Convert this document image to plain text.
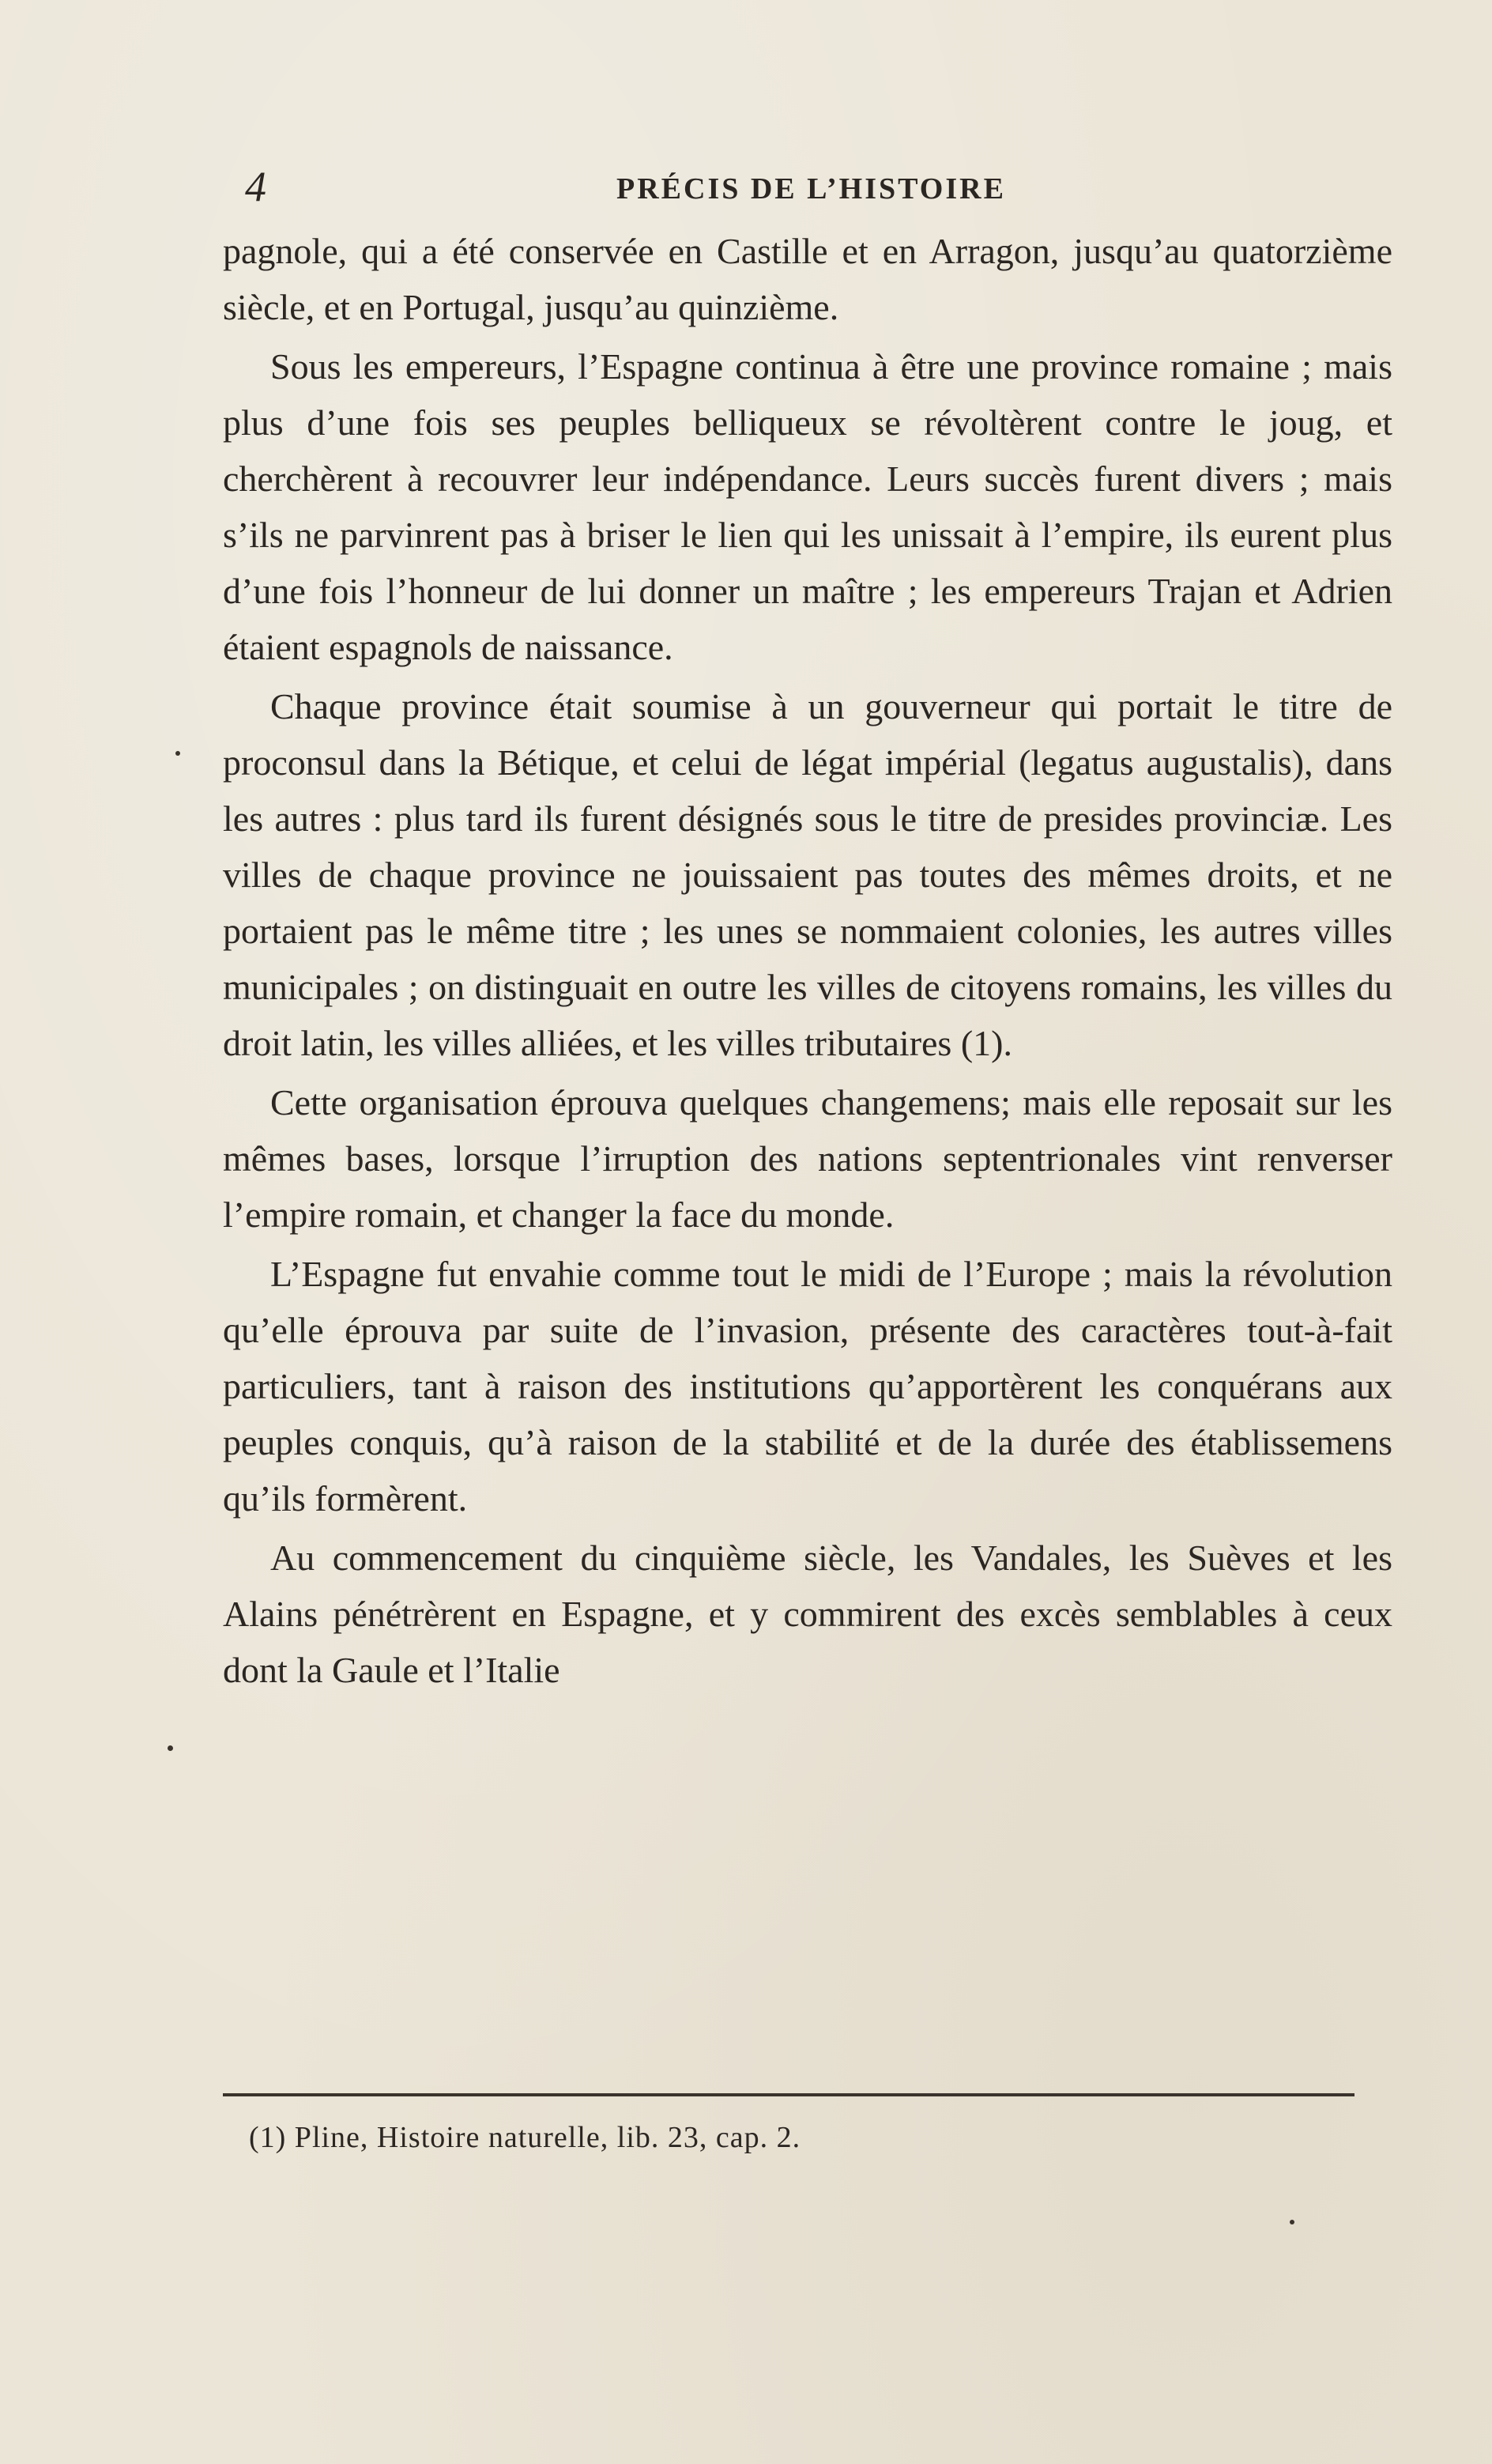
4	PRÉCIS DE L’HISTOIRE

pagnole, qui a été conservée en Castille et en Arragon, jusqu’au quatorzième siècle, et en Portugal, jusqu’au quinzième.

Sous les empereurs, l’Espagne continua à être une province romaine ; mais plus d’une fois ses peuples belliqueux se révoltèrent contre le joug, et cherchèrent à recouvrer leur indépendance. Leurs succès furent divers ; mais s’ils ne parvinrent pas à briser le lien qui les unissait à l’empire, ils eurent plus d’une fois l’honneur de lui donner un maître ; les empereurs Trajan et Adrien étaient espagnols de naissance.

Chaque province était soumise à un gouverneur qui portait le titre de proconsul dans la Bétique, et celui de légat impérial (legatus augustalis), dans les autres : plus tard ils furent désignés sous le titre de presides provinciæ. Les villes de chaque province ne jouissaient pas toutes des mêmes droits, et ne portaient pas le même titre ; les unes se nommaient colonies, les autres villes municipales ; on distinguait en outre les villes de citoyens romains, les villes du droit latin, les villes alliées, et les villes tributaires (1).

Cette organisation éprouva quelques changemens; mais elle reposait sur les mêmes bases, lorsque l’irruption des nations septentrionales vint renverser l’empire romain, et changer la face du monde.

L’Espagne fut envahie comme tout le midi de l’Europe ; mais la révolution qu’elle éprouva par suite de l’invasion, présente des caractères tout-à-fait particuliers, tant à raison des institutions qu’apportèrent les conquérans aux peuples conquis, qu’à raison de la stabilité et de la durée des établissemens qu’ils formèrent.

Au commencement du cinquième siècle, les Vandales, les Suèves et les Alains pénétrèrent en Espagne, et y commirent des excès semblables à ceux dont la Gaule et l’Italie

(1) Pline, Histoire naturelle, lib. 23, cap. 2.
